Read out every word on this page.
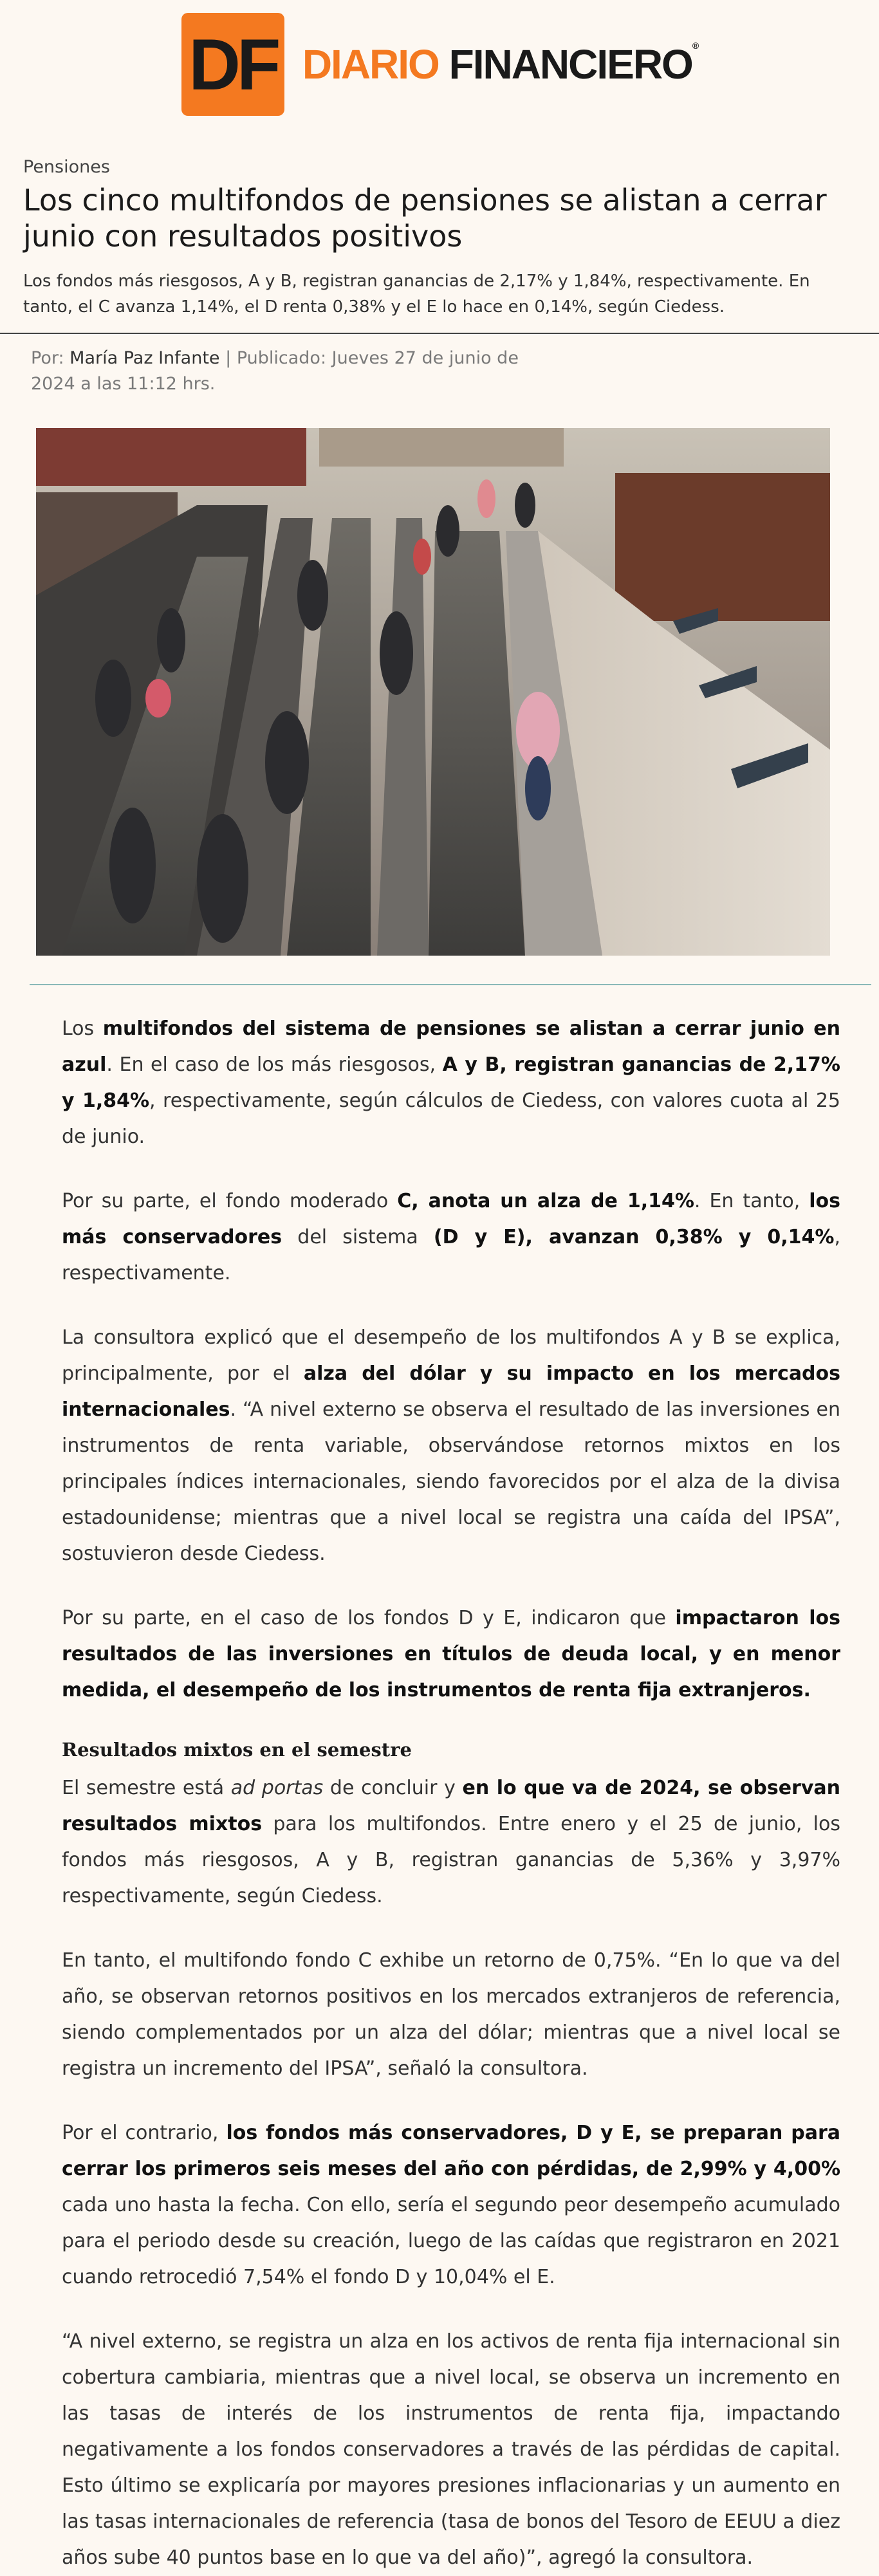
DF DIARIO FINANCIERO®
Pensiones
Los cinco multifondos de pensiones se alistan a cerrar junio con resultados positivos
Los fondos más riesgosos, A y B, registran ganancias de 2,17% y 1,84%, respectivamente. En tanto, el C avanza 1,14%, el D renta 0,38% y el E lo hace en 0,14%, según Ciedess.
Por: María Paz Infante | Publicado: Jueves 27 de junio de 2024 a las 11:12 hrs.

Los multifondos del sistema de pensiones se alistan a cerrar junio en azul. En el caso de los más riesgosos, A y B, registran ganancias de 2,17% y 1,84%, respectivamente, según cálculos de Ciedess, con valores cuota al 25 de junio.

Por su parte, el fondo moderado C, anota un alza de 1,14%. En tanto, los más conservadores del sistema (D y E), avanzan 0,38% y 0,14%, respectivamente.

La consultora explicó que el desempeño de los multifondos A y B se explica, principalmente, por el alza del dólar y su impacto en los mercados internacionales. “A nivel externo se observa el resultado de las inversiones en instrumentos de renta variable, observándose retornos mixtos en los principales índices internacionales, siendo favorecidos por el alza de la divisa estadounidense; mientras que a nivel local se registra una caída del IPSA”, sostuvieron desde Ciedess.

Por su parte, en el caso de los fondos D y E, indicaron que impactaron los resultados de las inversiones en títulos de deuda local, y en menor medida, el desempeño de los instrumentos de renta fija extranjeros.

Resultados mixtos en el semestre

El semestre está ad portas de concluir y en lo que va de 2024, se observan resultados mixtos para los multifondos. Entre enero y el 25 de junio, los fondos más riesgosos, A y B, registran ganancias de 5,36% y 3,97% respectivamente, según Ciedess.

En tanto, el multifondo fondo C exhibe un retorno de 0,75%. “En lo que va del año, se observan retornos positivos en los mercados extranjeros de referencia, siendo complementados por un alza del dólar; mientras que a nivel local se registra un incremento del IPSA”, señaló la consultora.

Por el contrario, los fondos más conservadores, D y E, se preparan para cerrar los primeros seis meses del año con pérdidas, de 2,99% y 4,00% cada uno hasta la fecha. Con ello, sería el segundo peor desempeño acumulado para el periodo desde su creación, luego de las caídas que registraron en 2021 cuando retrocedió 7,54% el fondo D y 10,04% el E.

“A nivel externo, se registra un alza en los activos de renta fija internacional sin cobertura cambiaria, mientras que a nivel local, se observa un incremento en las tasas de interés de los instrumentos de renta fija, impactando negativamente a los fondos conservadores a través de las pérdidas de capital. Esto último se explicaría por mayores presiones inflacionarias y un aumento en las tasas internacionales de referencia (tasa de bonos del Tesoro de EEUU a diez años sube 40 puntos base en lo que va del año)”, agregó la consultora.
